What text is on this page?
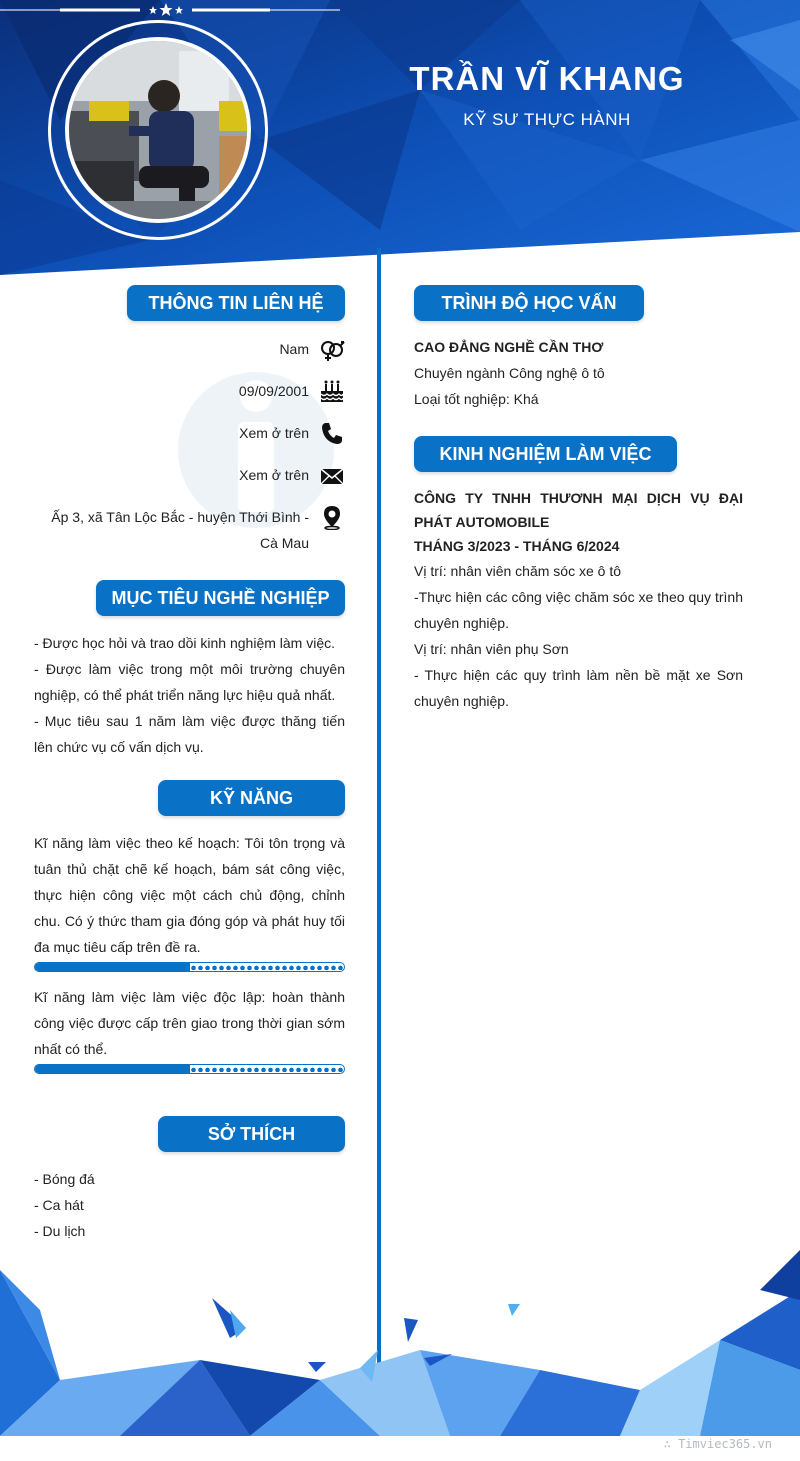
TRẦN VĨ KHANG
KỸ SƯ THỰC HÀNH
THÔNG TIN LIÊN HỆ
Nam
09/09/2001
Xem ở trên
Xem ở trên
Ấp 3, xã Tân Lộc Bắc - huyện Thới Bình - Cà Mau
MỤC TIÊU NGHỀ NGHIỆP
- Được học hỏi và trao dồi kinh nghiệm làm việc.
- Được làm việc trong một môi trường chuyên nghiệp, có thể phát triển năng lực hiệu quả nhất.
- Mục tiêu sau 1 năm làm việc được thăng tiến lên chức vụ cố vấn dịch vụ.
KỸ NĂNG
Kĩ năng làm việc theo kế hoạch: Tôi tôn trọng và tuân thủ chặt chẽ kế hoạch, bám sát công việc, thực hiện công việc một cách chủ động, chỉnh chu. Có ý thức tham gia đóng góp và phát huy tối đa mục tiêu cấp trên đề ra.
Kĩ năng làm việc làm việc độc lập: hoàn thành công việc được cấp trên giao trong thời gian sớm nhất có thể.
SỞ THÍCH
- Bóng đá
- Ca hát
- Du lịch
TRÌNH ĐỘ HỌC VẤN
CAO ĐẲNG NGHỀ CẦN THƠ
Chuyên ngành Công nghệ ô tô
Loại tốt nghiệp: Khá
KINH NGHIỆM LÀM VIỆC
CÔNG TY TNHH THƯƠNH MẠI DỊCH VỤ ĐẠI PHÁT AUTOMOBILE
THÁNG 3/2023 - THÁNG 6/2024
Vị trí: nhân viên chăm sóc xe ô tô
-Thực hiện các công việc chăm sóc xe theo quy trình chuyên nghiệp.
Vị trí: nhân viên phụ Sơn
- Thực hiện các quy trình làm nền bề mặt xe Sơn chuyên nghiệp.
∴ Timviec365.vn
